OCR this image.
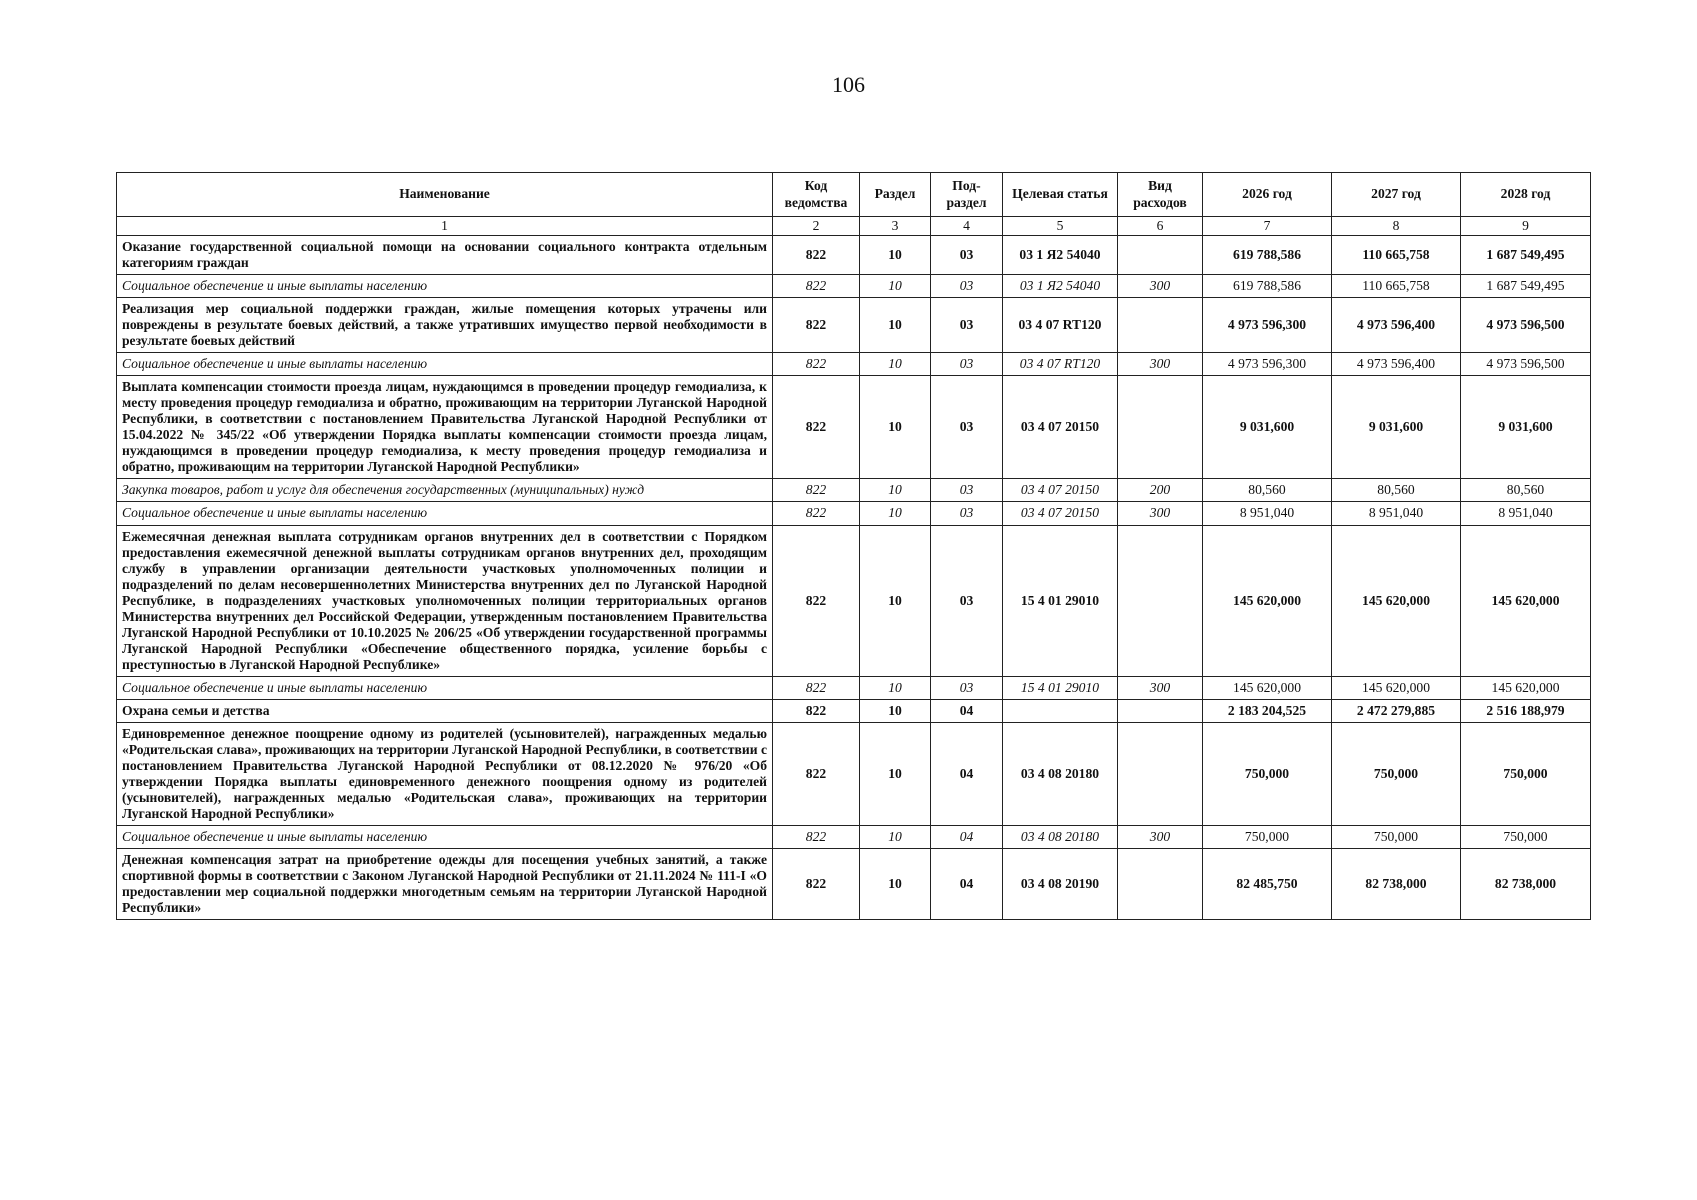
106
Наименование	Код ведомства	Раздел	Под-раздел	Целевая статья	Вид расходов	2026 год	2027 год	2028 год
1	2	3	4	5	6	7	8	9
Оказание государственной социальной помощи на основании социального контракта отдельным категориям граждан	822	10	03	03 1 Я2 54040		619 788,586	110 665,758	1 687 549,495
Социальное обеспечение и иные выплаты населению	822	10	03	03 1 Я2 54040	300	619 788,586	110 665,758	1 687 549,495
Реализация мер социальной поддержки граждан, жилые помещения которых утрачены или повреждены в результате боевых действий, а также утративших имущество первой необходимости в результате боевых действий	822	10	03	03 4 07 RT120		4 973 596,300	4 973 596,400	4 973 596,500
Социальное обеспечение и иные выплаты населению	822	10	03	03 4 07 RT120	300	4 973 596,300	4 973 596,400	4 973 596,500
Выплата компенсации стоимости проезда лицам, нуждающимся в проведении процедур гемодиализа, к месту проведения процедур гемодиализа и обратно, проживающим на территории Луганской Народной Республики, в соответствии с постановлением Правительства Луганской Народной Республики от 15.04.2022 № 345/22 «Об утверждении Порядка выплаты компенсации стоимости проезда лицам, нуждающимся в проведении процедур гемодиализа, к месту проведения процедур гемодиализа и обратно, проживающим на территории Луганской Народной Республики»	822	10	03	03 4 07 20150		9 031,600	9 031,600	9 031,600
Закупка товаров, работ и услуг для обеспечения государственных (муниципальных) нужд	822	10	03	03 4 07 20150	200	80,560	80,560	80,560
Социальное обеспечение и иные выплаты населению	822	10	03	03 4 07 20150	300	8 951,040	8 951,040	8 951,040
Ежемесячная денежная выплата сотрудникам органов внутренних дел в соответствии с Порядком предоставления ежемесячной денежной выплаты сотрудникам органов внутренних дел, проходящим службу в управлении организации деятельности участковых уполномоченных полиции и подразделений по делам несовершеннолетних Министерства внутренних дел по Луганской Народной Республике, в подразделениях участковых уполномоченных полиции территориальных органов Министерства внутренних дел Российской Федерации, утвержденным постановлением Правительства Луганской Народной Республики от 10.10.2025 № 206/25 «Об утверждении государственной программы Луганской Народной Республики «Обеспечение общественного порядка, усиление борьбы с преступностью в Луганской Народной Республике»	822	10	03	15 4 01 29010		145 620,000	145 620,000	145 620,000
Социальное обеспечение и иные выплаты населению	822	10	03	15 4 01 29010	300	145 620,000	145 620,000	145 620,000
Охрана семьи и детства	822	10	04			2 183 204,525	2 472 279,885	2 516 188,979
Единовременное денежное поощрение одному из родителей (усыновителей), награжденных медалью «Родительская слава», проживающих на территории Луганской Народной Республики, в соответствии с постановлением Правительства Луганской Народной Республики от 08.12.2020 № 976/20 «Об утверждении Порядка выплаты единовременного денежного поощрения одному из родителей (усыновителей), награжденных медалью «Родительская слава», проживающих на территории Луганской Народной Республики»	822	10	04	03 4 08 20180		750,000	750,000	750,000
Социальное обеспечение и иные выплаты населению	822	10	04	03 4 08 20180	300	750,000	750,000	750,000
Денежная компенсация затрат на приобретение одежды для посещения учебных занятий, а также спортивной формы в соответствии с Законом Луганской Народной Республики от 21.11.2024 № 111-I «О предоставлении мер социальной поддержки многодетным семьям на территории Луганской Народной Республики»	822	10	04	03 4 08 20190		82 485,750	82 738,000	82 738,000
